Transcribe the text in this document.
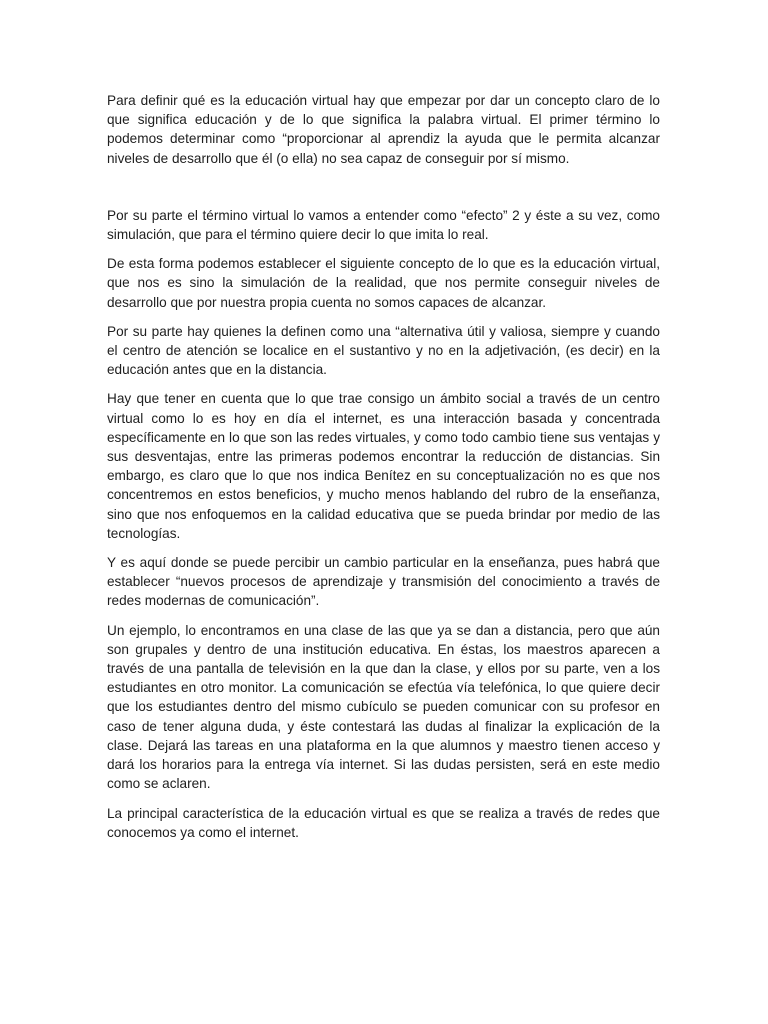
Para definir qué es la educación virtual hay que empezar por dar un concepto claro de lo que significa educación y de lo que significa la palabra virtual. El primer término lo podemos determinar como “proporcionar al aprendiz la ayuda que le permita alcanzar niveles de desarrollo que él (o ella) no sea capaz de conseguir por sí mismo.

Por su parte el término virtual lo vamos a entender como “efecto” 2 y éste a su vez, como simulación, que para el término quiere decir lo que imita lo real.

De esta forma podemos establecer el siguiente concepto de lo que es la educación virtual, que nos es sino la simulación de la realidad, que nos permite conseguir niveles de desarrollo que por nuestra propia cuenta no somos capaces de alcanzar.

Por su parte hay quienes la definen como una “alternativa útil y valiosa, siempre y cuando el centro de atención se localice en el sustantivo y no en la adjetivación, (es decir) en la educación antes que en la distancia.

Hay que tener en cuenta que lo que trae consigo un ámbito social a través de un centro virtual como lo es hoy en día el internet, es una interacción basada y concentrada específicamente en lo que son las redes virtuales, y como todo cambio tiene sus ventajas y sus desventajas, entre las primeras podemos encontrar la reducción de distancias. Sin embargo, es claro que lo que nos indica Benítez en su conceptualización no es que nos concentremos en estos beneficios, y mucho menos hablando del rubro de la enseñanza, sino que nos enfoquemos en la calidad educativa que se pueda brindar por medio de las tecnologías.

Y es aquí donde se puede percibir un cambio particular en la enseñanza, pues habrá que establecer “nuevos procesos de aprendizaje y transmisión del conocimiento a través de redes modernas de comunicación”.

Un ejemplo, lo encontramos en una clase de las que ya se dan a distancia, pero que aún son grupales y dentro de una institución educativa. En éstas, los maestros aparecen a través de una pantalla de televisión en la que dan la clase, y ellos por su parte, ven a los estudiantes en otro monitor. La comunicación se efectúa vía telefónica, lo que quiere decir que los estudiantes dentro del mismo cubículo se pueden comunicar con su profesor en caso de tener alguna duda, y éste contestará las dudas al finalizar la explicación de la clase. Dejará las tareas en una plataforma en la que alumnos y maestro tienen acceso y dará los horarios para la entrega vía internet. Si las dudas persisten, será en este medio como se aclaren.

La principal característica de la educación virtual es que se realiza a través de redes que conocemos ya como el internet.
